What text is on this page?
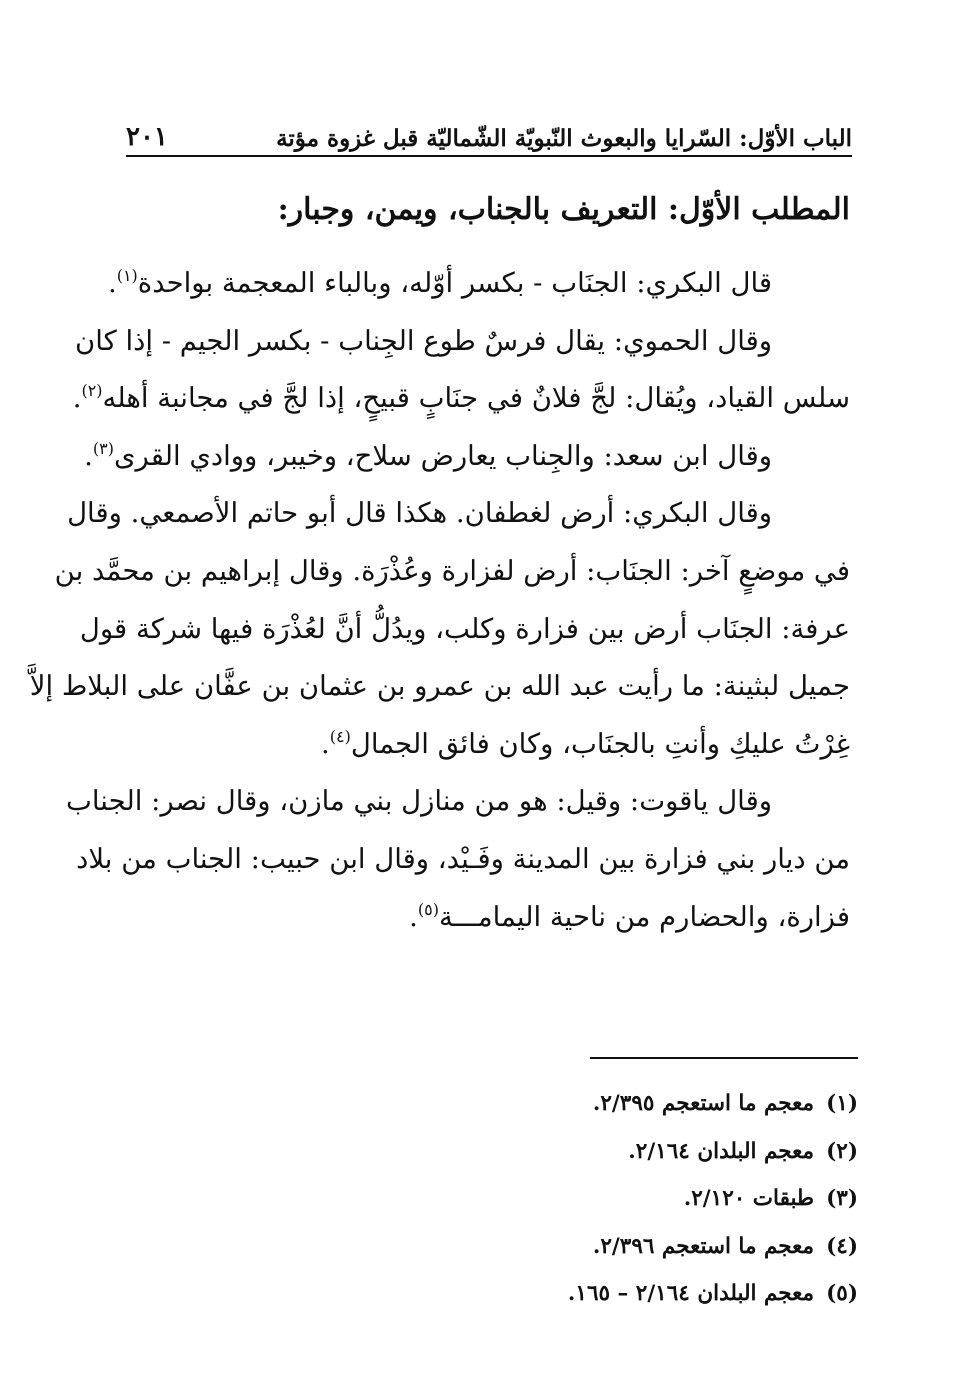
الباب الأوّل: السّرايا والبعوث النّبويّة الشّماليّة قبل غزوة مؤتة
٢٠١
المطلب الأوّل: التعريف بالجناب، ويمن، وجبار:

قال البكري: الجنَاب - بكسر أوّله، وبالباء المعجمة بواحدة$^{(١)}$.

وقال الحموي: يقال فرسٌ طوع الجِناب - بكسر الجيم - إذا كان
سلس القياد، ويُقال: لجَّ فلانٌ في جنَابٍ قبيحٍ، إذا لجَّ في مجانبة أهله$^{(٢)}$.

وقال ابن سعد: والجِناب يعارض سلاح، وخيبر، ووادي القرى$^{(٣)}$.

وقال البكري: أرض لغطفان. هكذا قال أبو حاتم الأصمعي. وقال
في موضعٍ آخر: الجنَاب: أرض لفزارة وعُذْرَة. وقال إبراهيم بن محمَّد بن
عرفة: الجنَاب أرض بين فزارة وكلب، ويدُلُّ أنَّ لعُذْرَة فيها شركة قول
جميل لبثينة: ما رأيت عبد الله بن عمرو بن عثمان بن عفَّان على البلاط إلاَّ
غِرْتُ عليكِ وأنتِ بالجنَاب، وكان فائق الجمال$^{(٤)}$.

وقال ياقوت: وقيل: هو من منازل بني مازن، وقال نصر: الجناب
من ديار بني فزارة بين المدينة وفَـيْد، وقال ابن حبيب: الجناب من بلاد
فزارة، والحضارم من ناحية اليمامـــة$^{(٥)}$.

(١)معجم ما استعجم ٢/٣٩٥.
(٢)معجم البلدان ٢/١٦٤.
(٣)طبقات ٢/١٢٠.
(٤)معجم ما استعجم ٢/٣٩٦.
(٥)معجم البلدان ٢/١٦٤ – ١٦٥.
